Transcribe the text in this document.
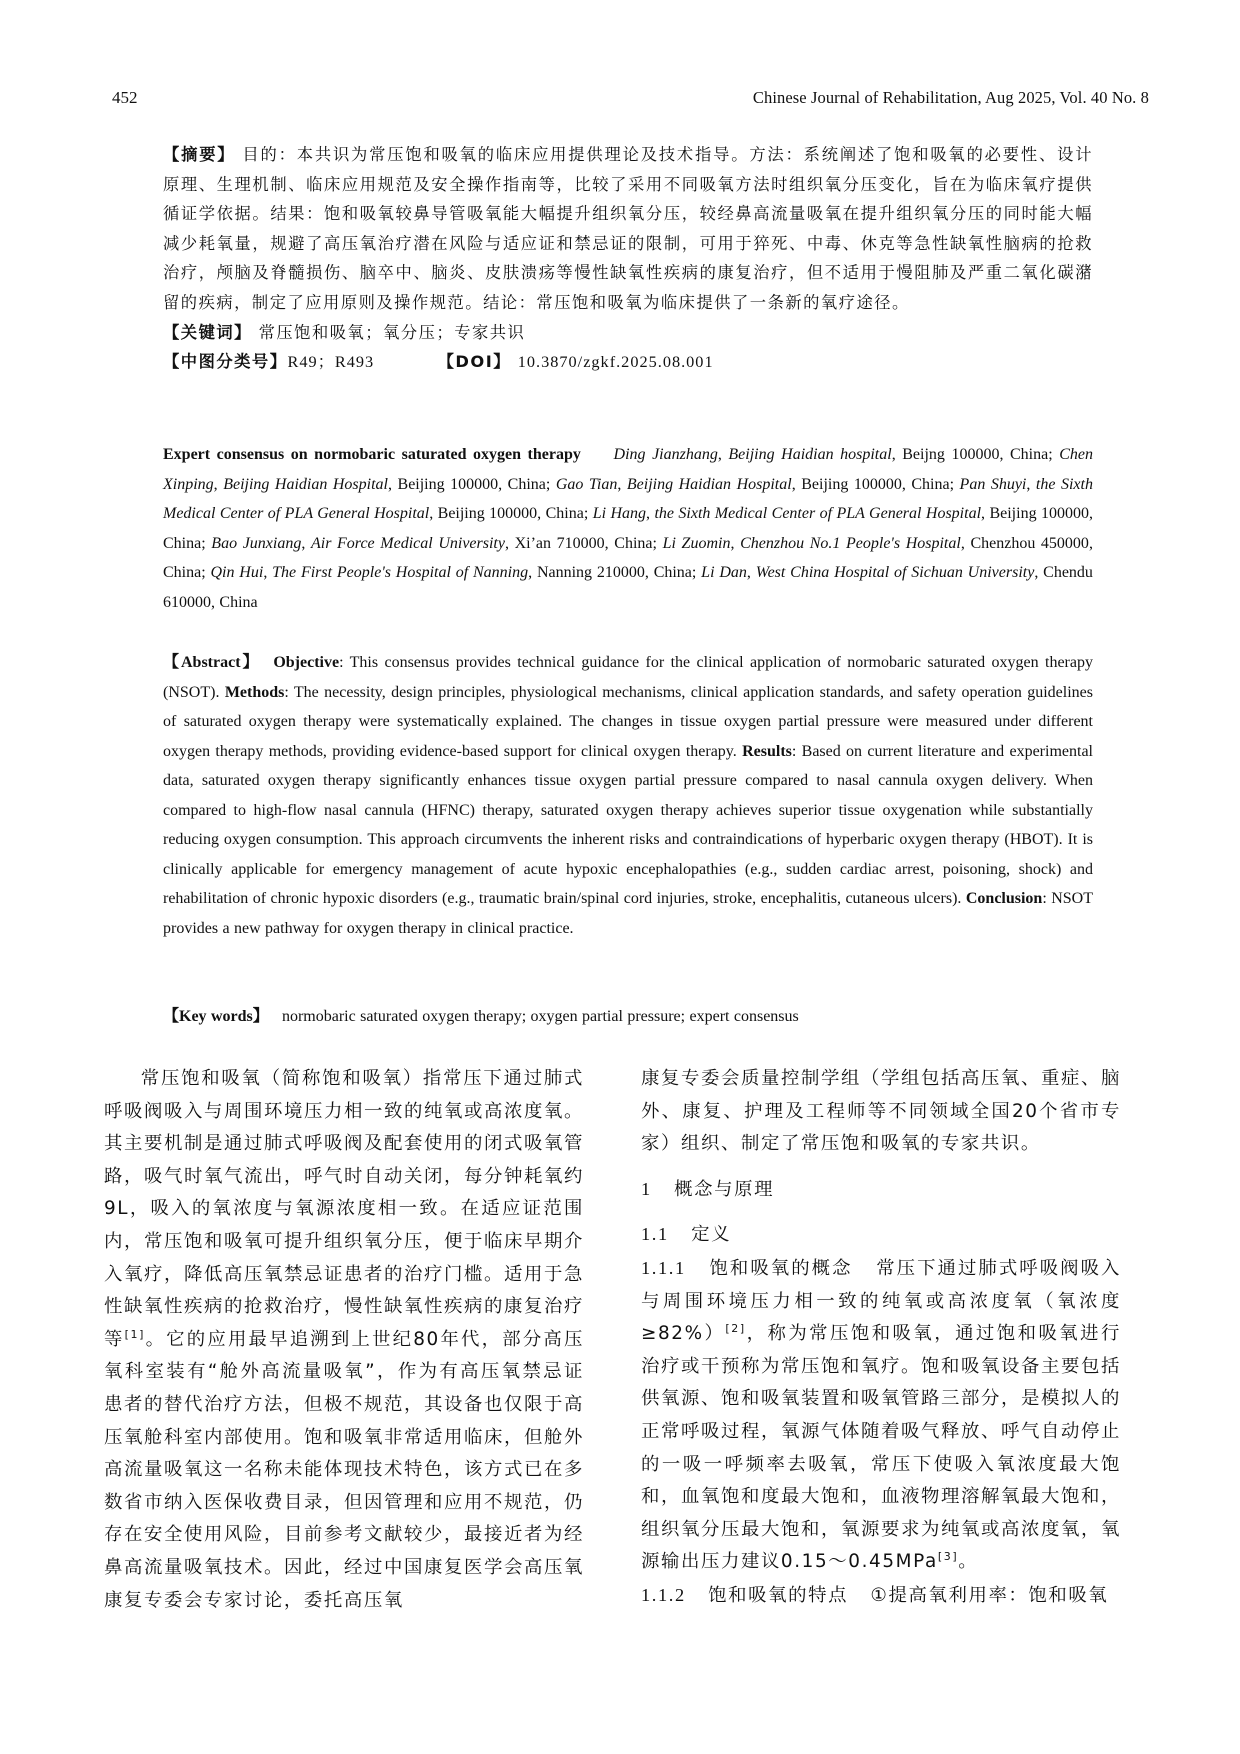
452	Chinese Journal of Rehabilitation, Aug 2025, Vol. 40 No. 8
【摘要】 目的：本共识为常压饱和吸氧的临床应用提供理论及技术指导。方法：系统阐述了饱和吸氧的必要性、设计原理、生理机制、临床应用规范及安全操作指南等，比较了采用不同吸氧方法时组织氧分压变化，旨在为临床氧疗提供循证学依据。结果：饱和吸氧较鼻导管吸氧能大幅提升组织氧分压，较经鼻高流量吸氧在提升组织氧分压的同时能大幅减少耗氧量，规避了高压氧治疗潜在风险与适应证和禁忌证的限制，可用于猝死、中毒、休克等急性缺氧性脑病的抢救治疗，颅脑及脊髓损伤、脑卒中、脑炎、皮肤溃疡等慢性缺氧性疾病的康复治疗，但不适用于慢阻肺及严重二氧化碳潴留的疾病，制定了应用原则及操作规范。结论：常压饱和吸氧为临床提供了一条新的氧疗途径。
【关键词】 常压饱和吸氧；氧分压；专家共识
【中图分类号】R49；R493	【DOI】 10.3870/zgkf.2025.08.001
Expert consensus on normobaric saturated oxygen therapy Ding Jianzhang, Beijing Haidian hospital, Beijng 100000, China; Chen Xinping, Beijing Haidian Hospital, Beijing 100000, China; Gao Tian, Beijing Haidian Hospital, Beijing 100000, China; Pan Shuyi, the Sixth Medical Center of PLA General Hospital, Beijing 100000, China; Li Hang, the Sixth Medical Center of PLA General Hospital, Beijing 100000, China; Bao Junxiang, Air Force Medical University, Xi’an 710000, China; Li Zuomin, Chenzhou No.1 People's Hospital, Chenzhou 450000, China; Qin Hui, The First People's Hospital of Nanning, Nanning 210000, China; Li Dan, West China Hospital of Sichuan University, Chendu 610000, China
【Abstract】 Objective: This consensus provides technical guidance for the clinical application of normobaric saturated oxygen therapy (NSOT). Methods: The necessity, design principles, physiological mechanisms, clinical application standards, and safety operation guidelines of saturated oxygen therapy were systematically explained. The changes in tissue oxygen partial pressure were measured under different oxygen therapy methods, providing evidence-based support for clinical oxygen therapy. Results: Based on current literature and experimental data, saturated oxygen therapy significantly enhances tissue oxygen partial pressure compared to nasal cannula oxygen delivery. When compared to high-flow nasal cannula (HFNC) therapy, saturated oxygen therapy achieves superior tissue oxygenation while substantially reducing oxygen consumption. This approach circumvents the inherent risks and contraindications of hyperbaric oxygen therapy (HBOT). It is clinically applicable for emergency management of acute hypoxic encephalopathies (e.g., sudden cardiac arrest, poisoning, shock) and rehabilitation of chronic hypoxic disorders (e.g., traumatic brain/spinal cord injuries, stroke, encephalitis, cutaneous ulcers). Conclusion: NSOT provides a new pathway for oxygen therapy in clinical practice.
【Key words】 normobaric saturated oxygen therapy; oxygen partial pressure; expert consensus

常压饱和吸氧（简称饱和吸氧）指常压下通过肺式呼吸阀吸入与周围环境压力相一致的纯氧或高浓度氧。其主要机制是通过肺式呼吸阀及配套使用的闭式吸氧管路，吸气时氧气流出，呼气时自动关闭，每分钟耗氧约9L，吸入的氧浓度与氧源浓度相一致。在适应证范围内，常压饱和吸氧可提升组织氧分压，便于临床早期介入氧疗，降低高压氧禁忌证患者的治疗门槛。适用于急性缺氧性疾病的抢救治疗，慢性缺氧性疾病的康复治疗等[1]。它的应用最早追溯到上世纪80年代，部分高压氧科室装有“舱外高流量吸氧”，作为有高压氧禁忌证患者的替代治疗方法，但极不规范，其设备也仅限于高压氧舱科室内部使用。饱和吸氧非常适用临床，但舱外高流量吸氧这一名称未能体现技术特色，该方式已在多数省市纳入医保收费目录，但因管理和应用不规范，仍存在安全使用风险，目前参考文献较少，最接近者为经鼻高流量吸氧技术。因此，经过中国康复医学会高压氧康复专委会专家讨论，委托高压氧

康复专委会质量控制学组（学组包括高压氧、重症、脑外、康复、护理及工程师等不同领域全国20个省市专家）组织、制定了常压饱和吸氧的专家共识。

1 概念与原理

1.1 定义

1.1.1 饱和吸氧的概念 常压下通过肺式呼吸阀吸入与周围环境压力相一致的纯氧或高浓度氧（氧浓度≥82%）[2]，称为常压饱和吸氧，通过饱和吸氧进行治疗或干预称为常压饱和氧疗。饱和吸氧设备主要包括供氧源、饱和吸氧装置和吸氧管路三部分，是模拟人的正常呼吸过程，氧源气体随着吸气释放、呼气自动停止的一吸一呼频率去吸氧，常压下使吸入氧浓度最大饱和，血氧饱和度最大饱和，血液物理溶解氧最大饱和，组织氧分压最大饱和，氧源要求为纯氧或高浓度氧，氧源输出压力建议0.15～0.45MPa[3]。

1.1.2 饱和吸氧的特点 ①提高氧利用率：饱和吸氧
